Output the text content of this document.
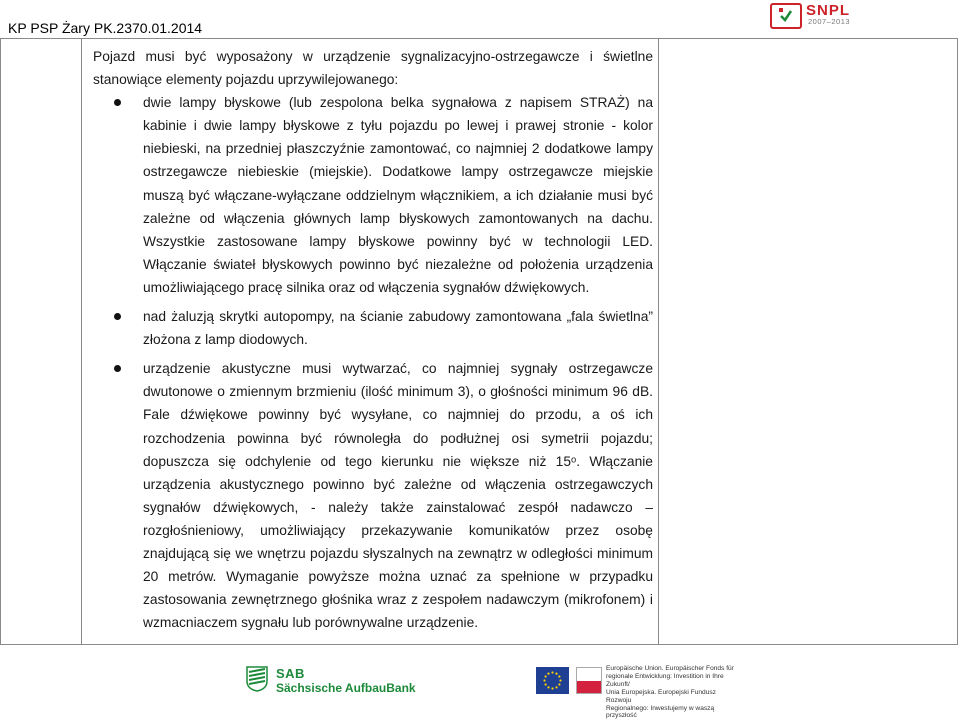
KP PSP Żary PK.2370.01.2014
SNPL
2007–2013

Pojazd musi być wyposażony w urządzenie sygnalizacyjno-ostrzegawcze i świetlne stanowiące elementy pojazdu uprzywilejowanego:

dwie lampy błyskowe (lub zespolona belka sygnałowa z napisem STRAŻ) na kabinie i dwie lampy błyskowe z tyłu pojazdu po lewej i prawej stronie - kolor niebieski, na przedniej płaszczyźnie zamontować, co najmniej 2 dodatkowe lampy ostrzegawcze niebieskie (miejskie). Dodatkowe lampy ostrzegawcze miejskie muszą być włączane-wyłączane oddzielnym włącznikiem, a ich działanie musi być zależne od włączenia głównych lamp błyskowych zamontowanych na dachu. Wszystkie zastosowane lampy błyskowe powinny być w technologii LED. Włączanie świateł błyskowych powinno być niezależne od położenia urządzenia umożliwiającego pracę silnika oraz od włączenia sygnałów dźwiękowych.
nad żaluzją skrytki autopompy, na ścianie zabudowy zamontowana „fala świetlna” złożona z lamp diodowych.
urządzenie akustyczne musi wytwarzać, co najmniej sygnały ostrzegawcze dwutonowe o zmiennym brzmieniu (ilość minimum 3), o głośności minimum 96 dB. Fale dźwiękowe powinny być wysyłane, co najmniej do przodu, a oś ich rozchodzenia powinna być równoległa do podłużnej osi symetrii pojazdu; dopuszcza się odchylenie od tego kierunku nie większe niż 15ᵒ. Włączanie urządzenia akustycznego powinno być zależne od włączenia ostrzegawczych sygnałów dźwiękowych, - należy także zainstalować zespół nadawczo – rozgłośnieniowy, umożliwiający przekazywanie komunikatów przez osobę znajdującą się we wnętrzu pojazdu słyszalnych na zewnątrz w odległości minimum 20 metrów. Wymaganie powyższe można uznać za spełnione w przypadku zastosowania zewnętrznego głośnika wraz z zespołem nadawczym (mikrofonem) i wzmacniaczem sygnału lub porównywalne urządzenie.

SAB
Sächsische AufbauBank
Europäische Union. Europäischer Fonds für
regionale Entwicklung: Investition in Ihre Zukunft/
Unia Europejska. Europejski Fundusz Rozwoju
Regionalnego: Inwestujemy w waszą przyszłość
